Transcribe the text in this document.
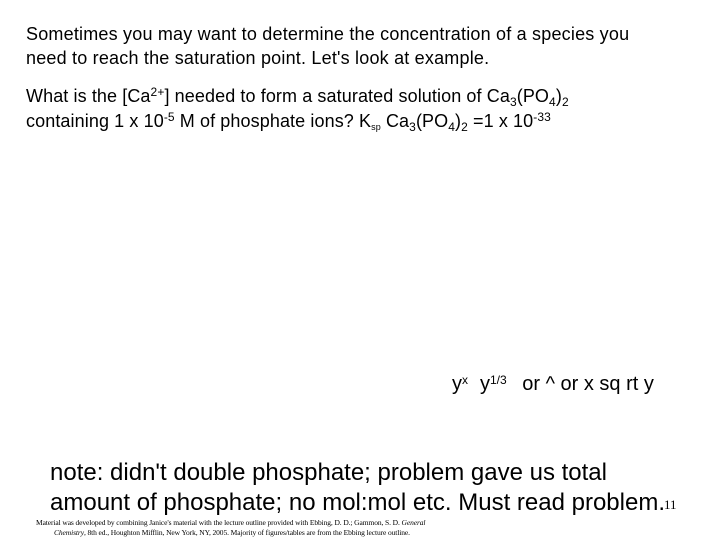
Sometimes you may want to determine the concentration of a species you
need to reach the saturation point. Let's look at example.
What is the $[Ca^{2+}]$ needed to form a saturated solution of $Ca_3(PO_4)_2$
containing 1 x $10^{-5}$ M of phosphate ions? $K_{sp}$ $Ca_3(PO_4)_2 =1$ x $10^{-33}$
$y^x$ $y^{1/3}$ or ^ or x sq rt y
note: didn't double phosphate; problem gave us total
amount of phosphate; no mol:mol etc. Must read problem. 11
Material was developed by combining Janice's material with the lecture outline provided with Ebbing, D. D.; Gammon, S. D. General
Chemistry, 8th ed., Houghton Mifflin, New York, NY, 2005. Majority of figures/tables are from the Ebbing lecture outline.
